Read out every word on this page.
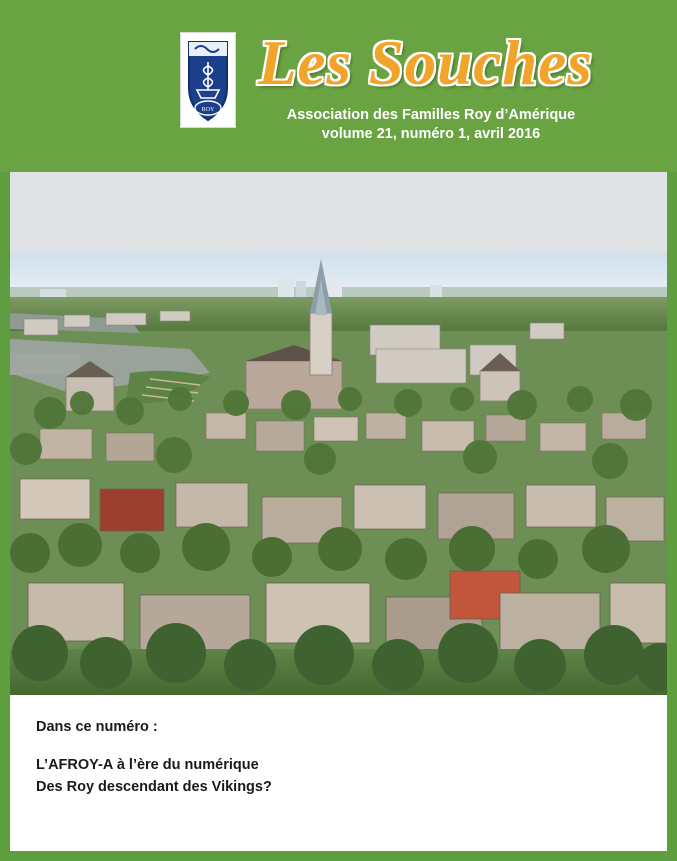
ROY
Les Souches
Association des Familles Roy d’Amérique
volume 21, numéro 1, avril 2016
Dans ce numéro :
L’AFROY-A à l’ère du numérique
Des Roy descendant des Vikings?
